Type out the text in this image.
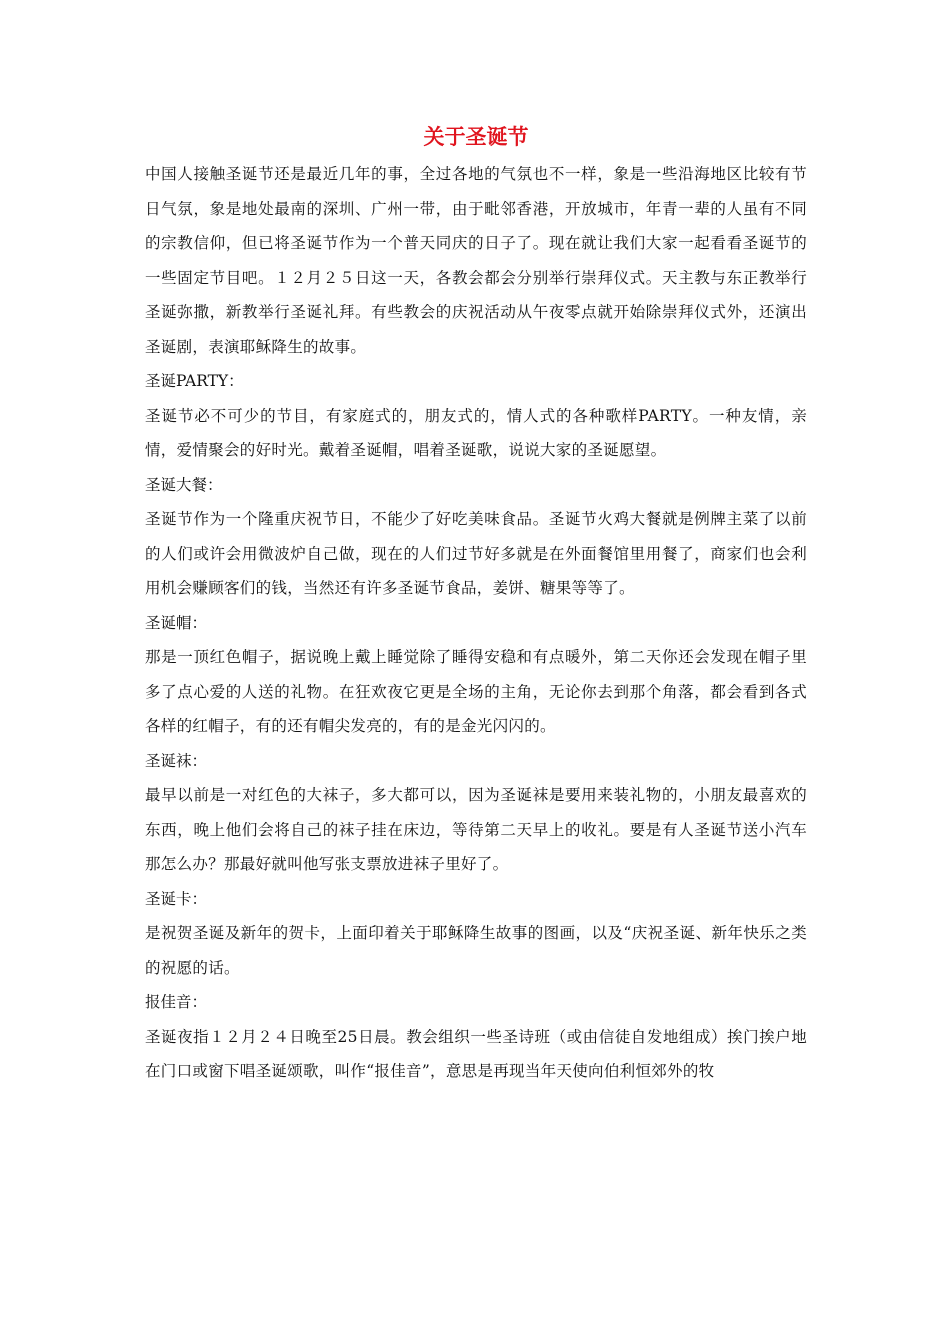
关于圣诞节

中国人接触圣诞节还是最近几年的事，全过各地的气氛也不一样，象是一些沿海地区比较有节日气氛，象是地处最南的深圳、广州一带，由于毗邻香港，开放城市，年青一辈的人虽有不同的宗教信仰，但已将圣诞节作为一个普天同庆的日子了。现在就让我们大家一起看看圣诞节的一些固定节目吧。１２月２５日这一天，各教会都会分别举行崇拜仪式。天主教与东正教举行圣诞弥撒，新教举行圣诞礼拜。有些教会的庆祝活动从午夜零点就开始除崇拜仪式外，还演出圣诞剧，表演耶稣降生的故事。

圣诞PARTY：

圣诞节必不可少的节目，有家庭式的，朋友式的，情人式的各种歌样PARTY。一种友情，亲情，爱情聚会的好时光。戴着圣诞帽，唱着圣诞歌，说说大家的圣诞愿望。

圣诞大餐：

圣诞节作为一个隆重庆祝节日，不能少了好吃美味食品。圣诞节火鸡大餐就是例牌主菜了以前的人们或许会用微波炉自己做，现在的人们过节好多就是在外面餐馆里用餐了，商家们也会利用机会赚顾客们的钱，当然还有许多圣诞节食品，姜饼、糖果等等了。

圣诞帽：

那是一顶红色帽子，据说晚上戴上睡觉除了睡得安稳和有点暖外，第二天你还会发现在帽子里多了点心爱的人送的礼物。在狂欢夜它更是全场的主角，无论你去到那个角落，都会看到各式各样的红帽子，有的还有帽尖发亮的，有的是金光闪闪的。

圣诞袜：

最早以前是一对红色的大袜子，多大都可以，因为圣诞袜是要用来装礼物的，小朋友最喜欢的东西，晚上他们会将自己的袜子挂在床边，等待第二天早上的收礼。要是有人圣诞节送小汽车那怎么办？那最好就叫他写张支票放进袜子里好了。

圣诞卡：

是祝贺圣诞及新年的贺卡，上面印着关于耶稣降生故事的图画，以及“庆祝圣诞、新年快乐之类的祝愿的话。

报佳音：

圣诞夜指１２月２４日晚至25日晨。教会组织一些圣诗班（或由信徒自发地组成）挨门挨户地在门口或窗下唱圣诞颂歌，叫作“报佳音”，意思是再现当年天使向伯利恒郊外的牧
